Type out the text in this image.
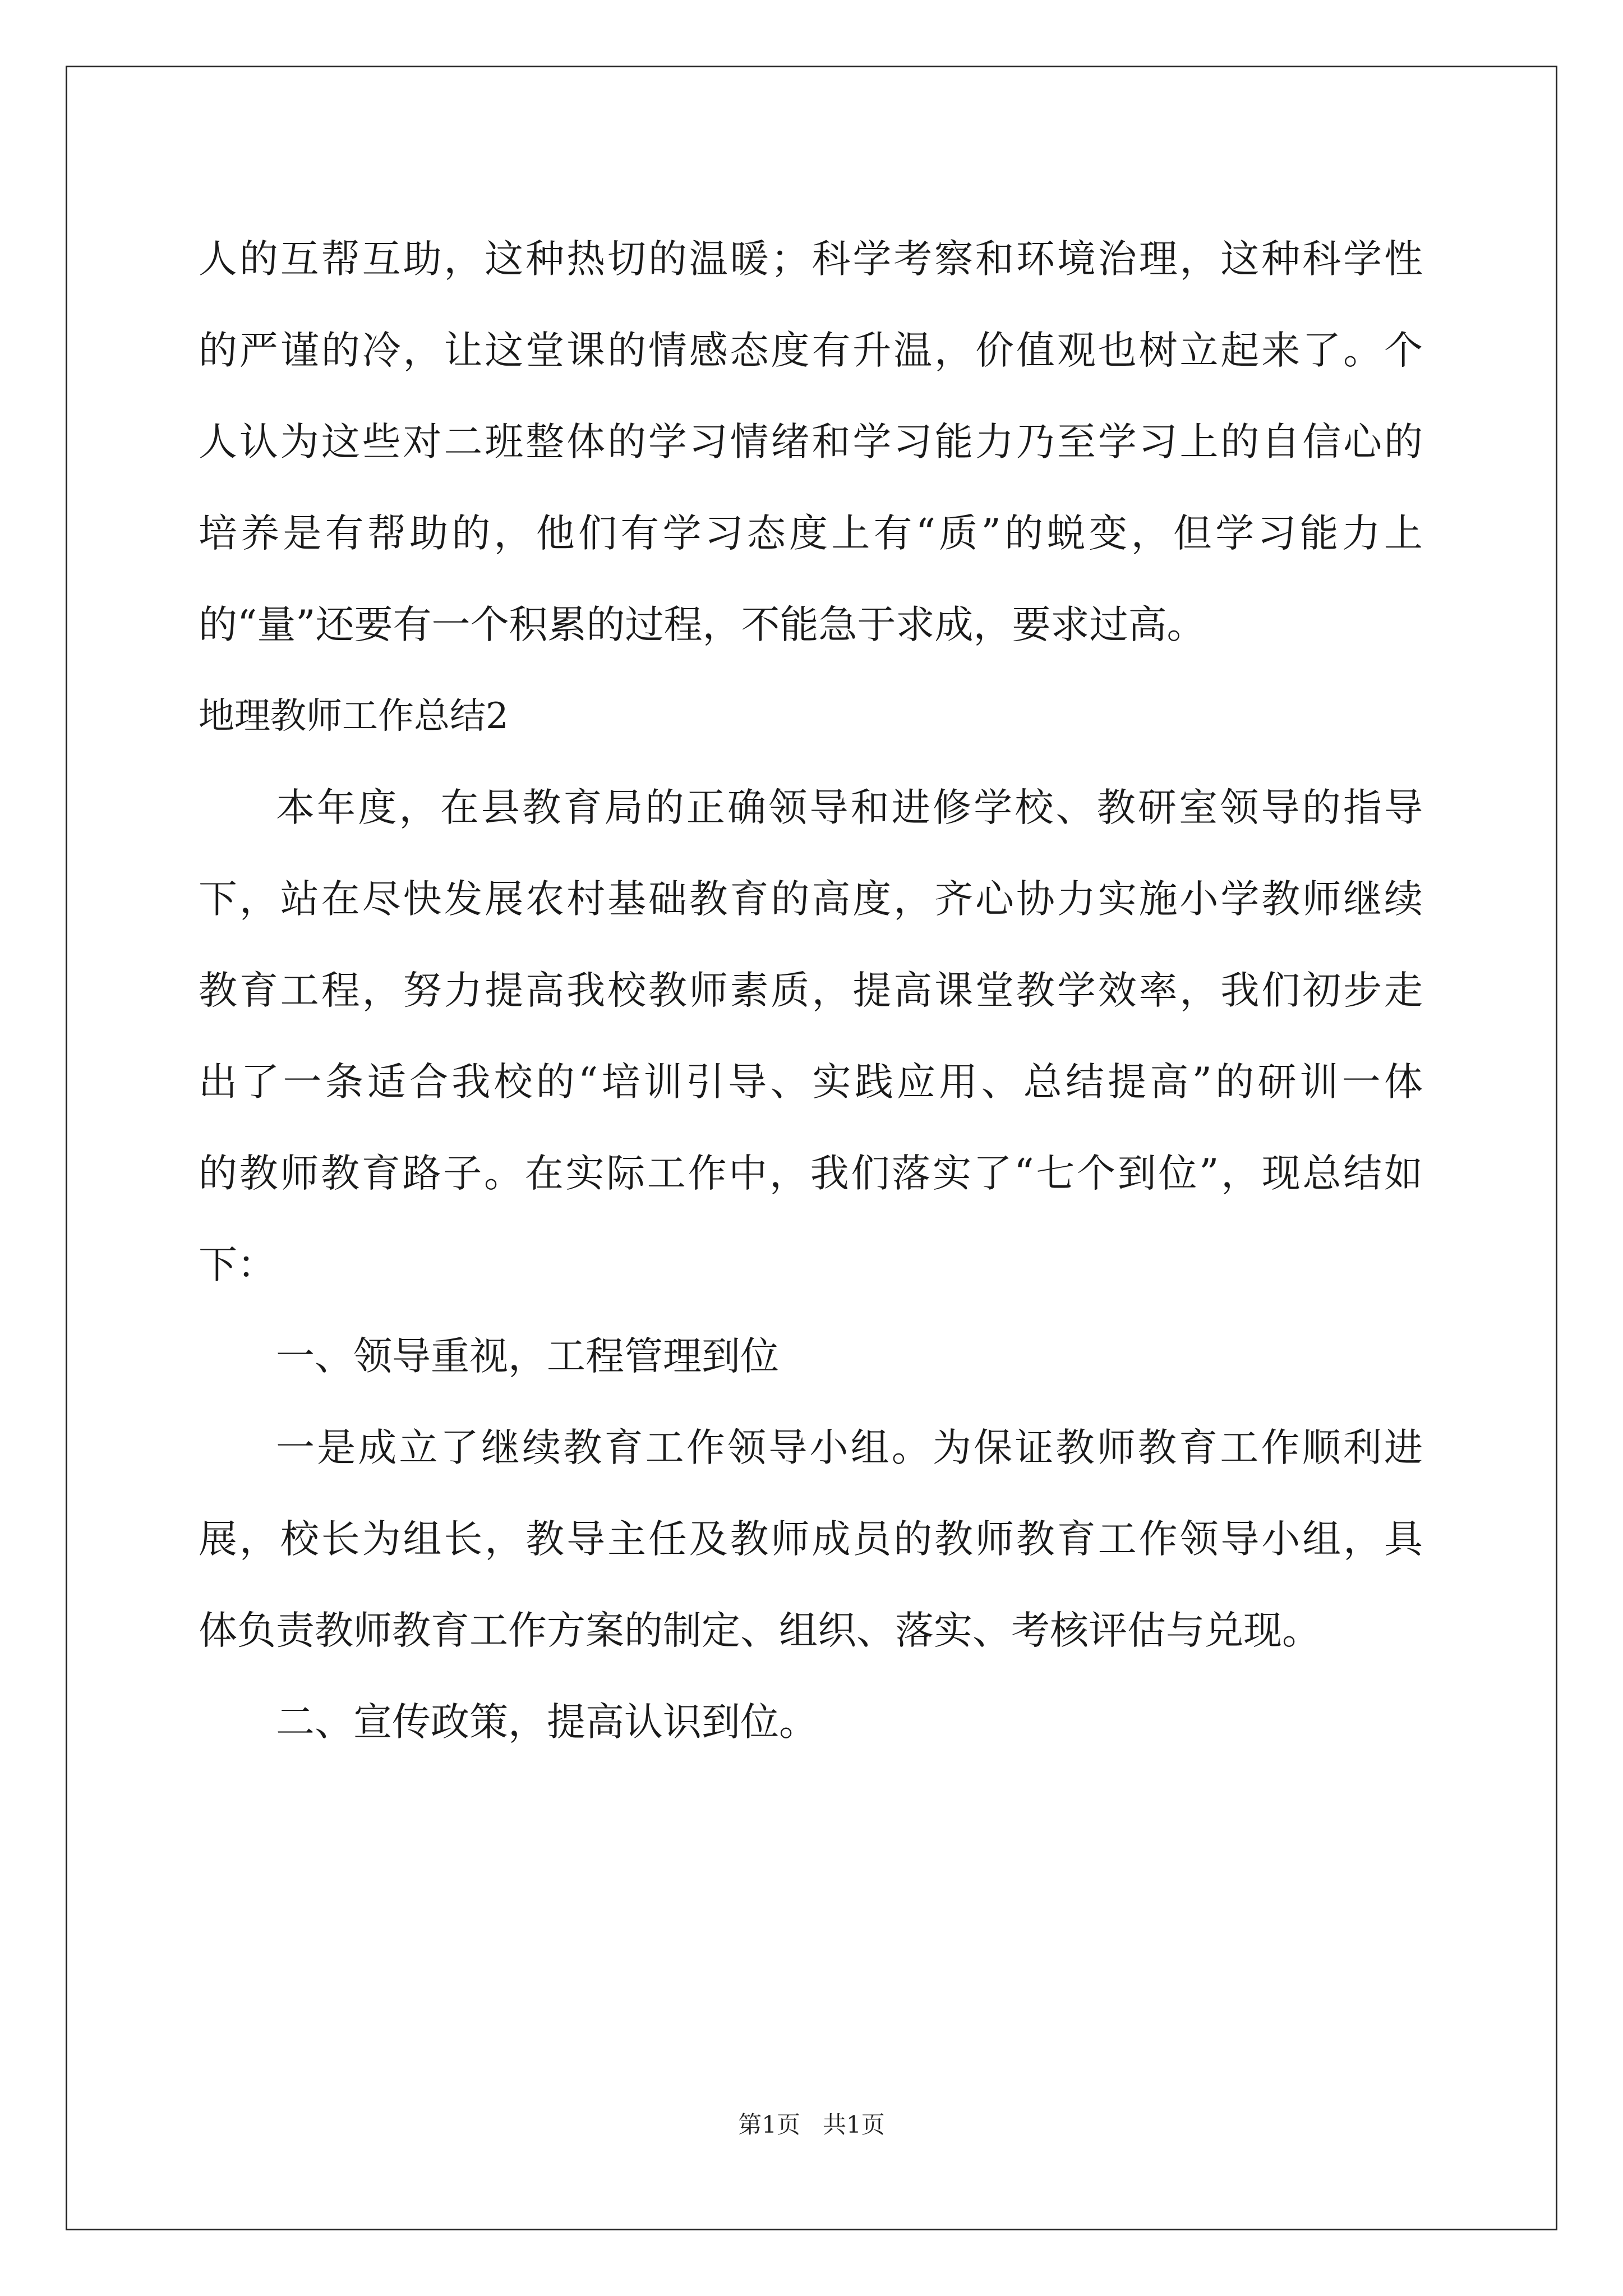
人的互帮互助，这种热切的温暖；科学考察和环境治理，这种科学性
的严谨的冷，让这堂课的情感态度有升温，价值观也树立起来了。个
人认为这些对二班整体的学习情绪和学习能力乃至学习上的自信心的
培养是有帮助的，他们有学习态度上有“质”的蜕变，但学习能力上
的“量”还要有一个积累的过程，不能急于求成，要求过高。
地理教师工作总结2
本年度，在县教育局的正确领导和进修学校、教研室领导的指导
下，站在尽快发展农村基础教育的高度，齐心协力实施小学教师继续
教育工程，努力提高我校教师素质，提高课堂教学效率，我们初步走
出了一条适合我校的“培训引导、实践应用、总结提高”的研训一体
的教师教育路子。在实际工作中，我们落实了“七个到位”，现总结如
下：
一、领导重视，工程管理到位
一是成立了继续教育工作领导小组。为保证教师教育工作顺利进
展，校长为组长，教导主任及教师成员的教师教育工作领导小组，具
体负责教师教育工作方案的制定、组织、落实、考核评估与兑现。
二、宣传政策，提高认识到位。
第1页   共1页
